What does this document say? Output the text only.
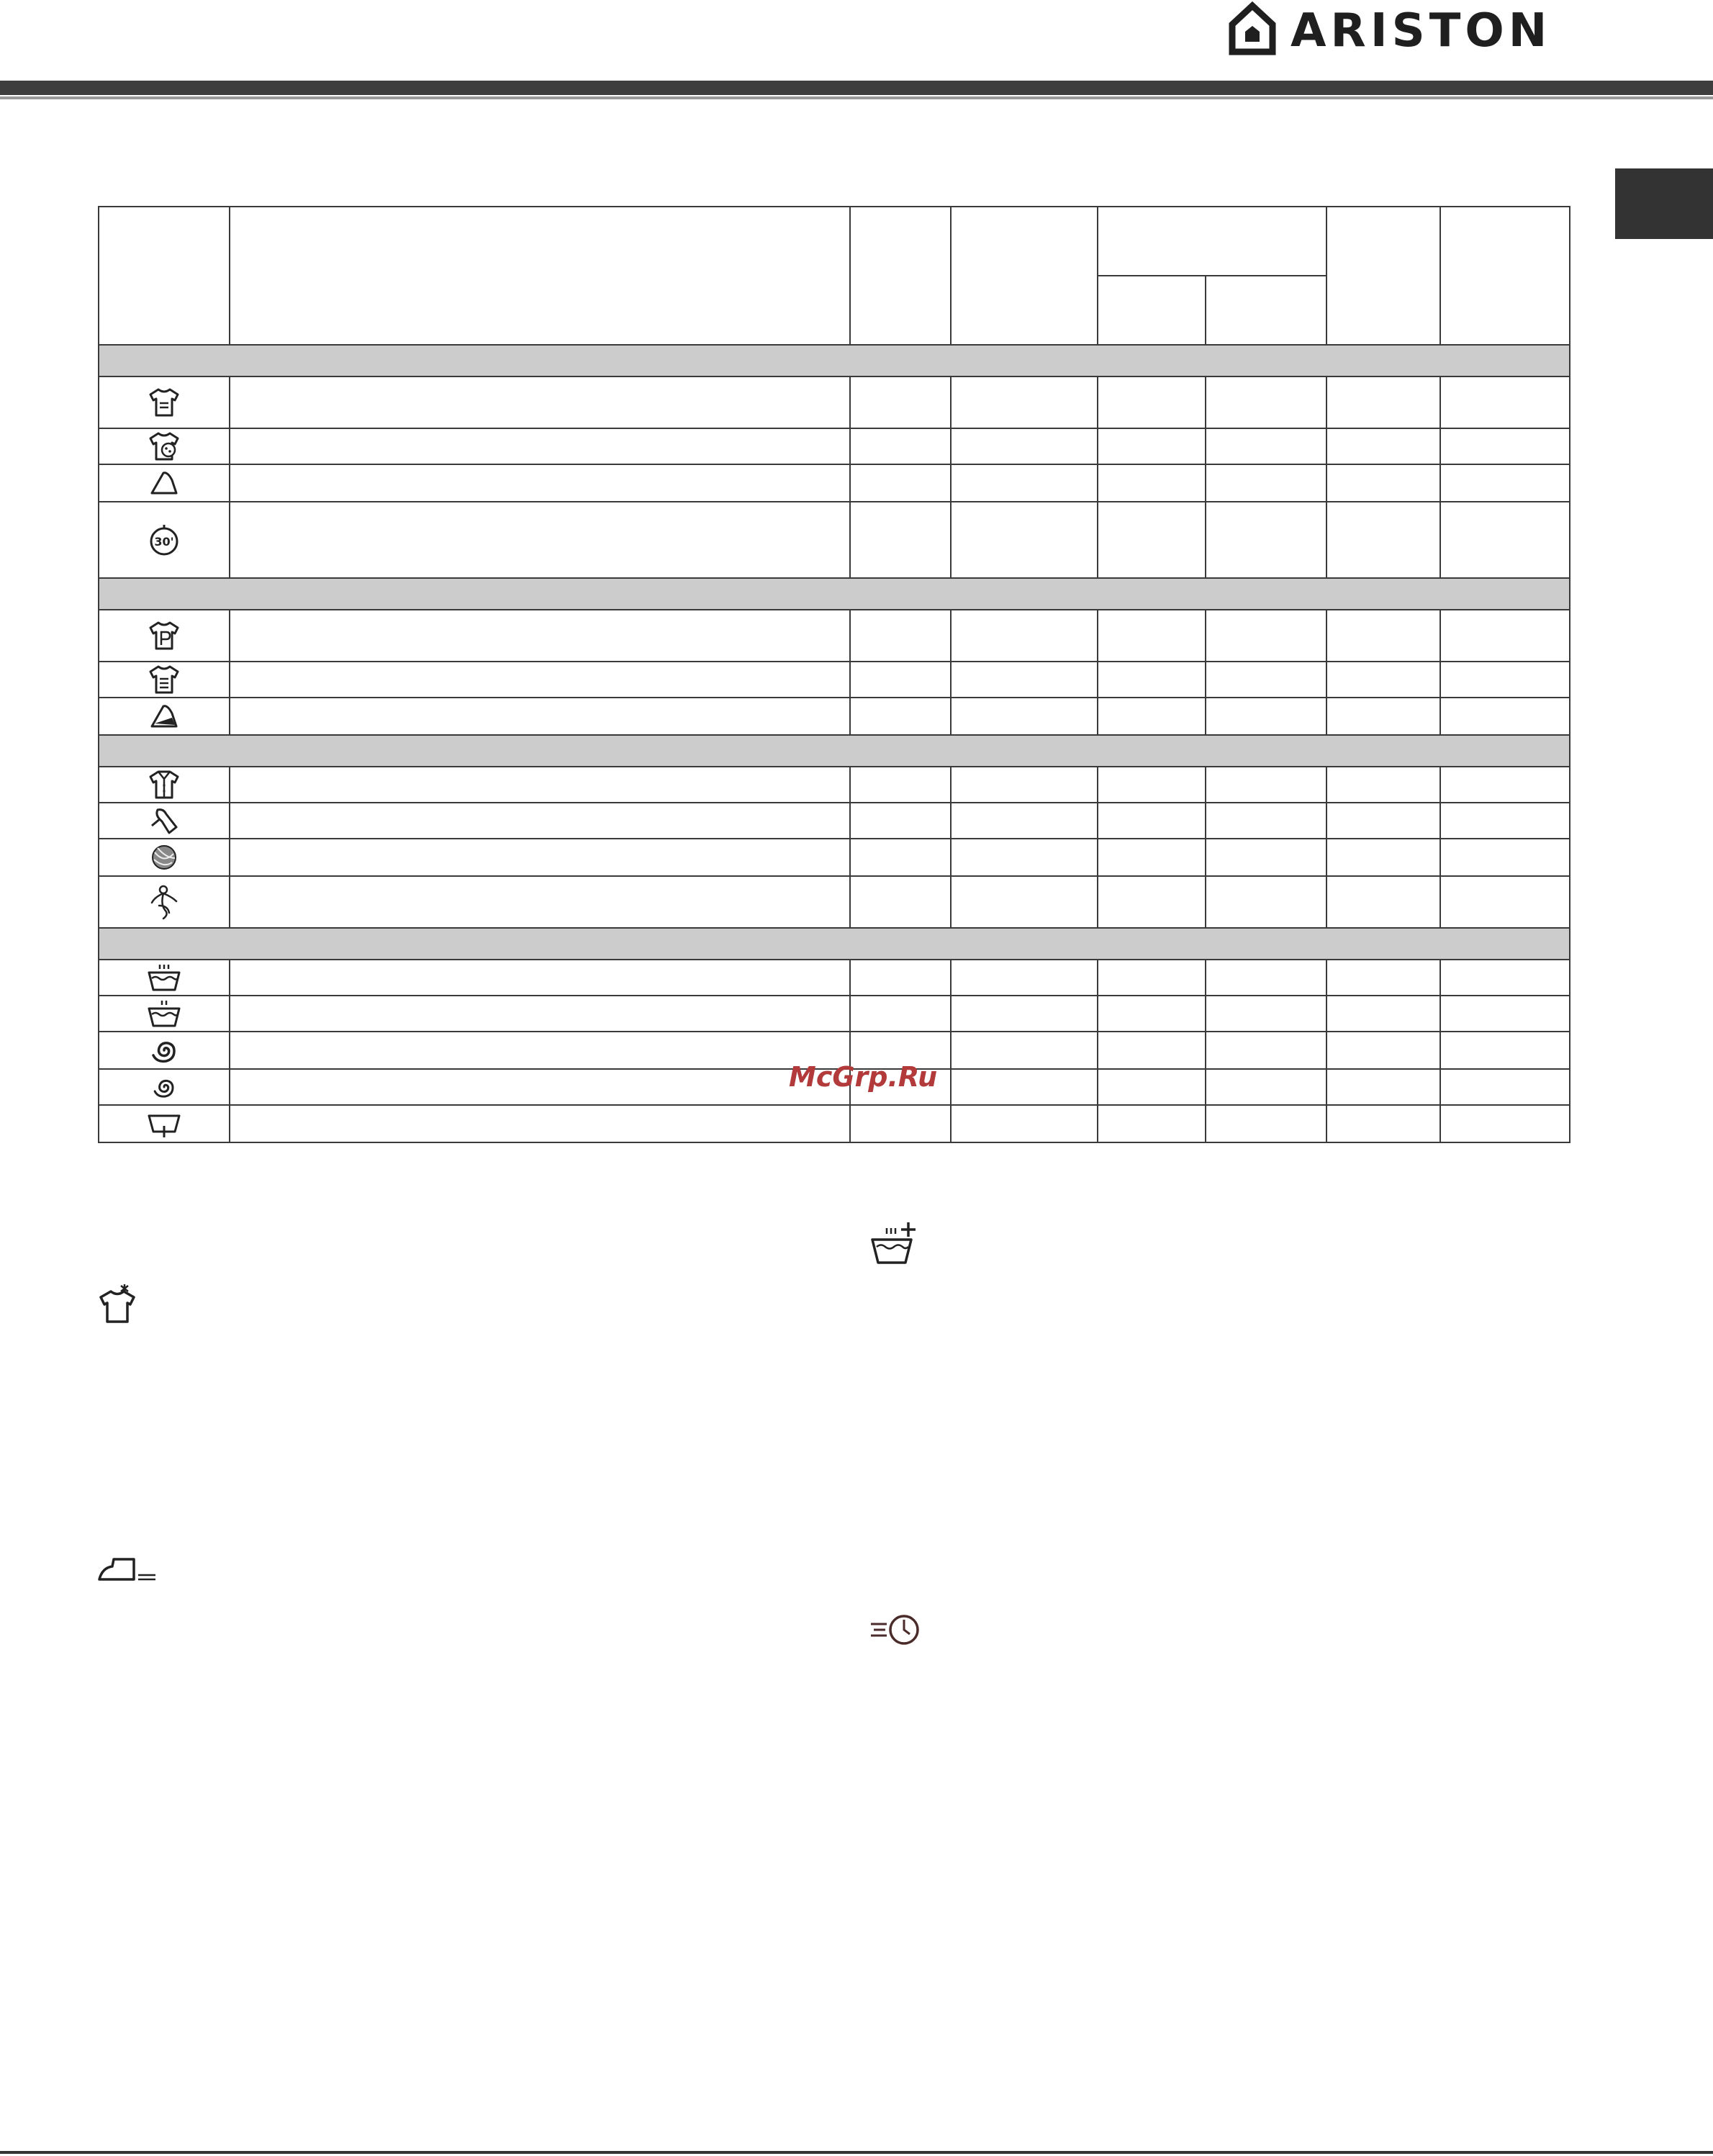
ARISTON

30'							

McGrp.Ru
